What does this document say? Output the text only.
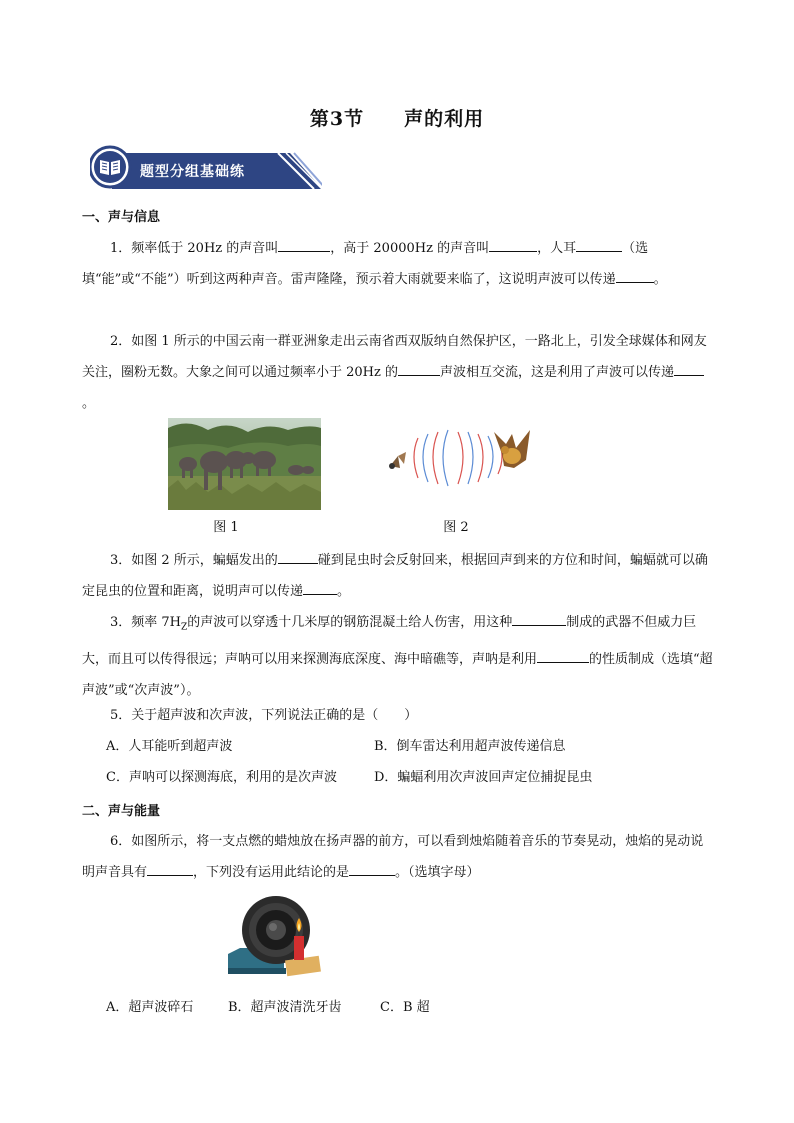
第3节 声的利用
题型分组基础练
一、声与信息
1．频率低于 20Hz 的声音叫	，高于 20000Hz 的声音叫	，人耳	（选填“能”或“不能”）听到这两种声音。雷声隆隆，预示着大雨就要来临了，这说明声波可以传递	。
2．如图 1 所示的中国云南一群亚洲象走出云南省西双版纳自然保护区，一路北上，引发全球媒体和网友关注，圈粉无数。大象之间可以通过频率小于 20Hz 的	声波相互交流，这是利用了声波可以传递。
图 1	图 2
3．如图 2 所示，蝙蝠发出的	碰到昆虫时会反射回来，根据回声到来的方位和时间，蝙蝠就可以确定昆虫的位置和距离，说明声可以传递	。
3．频率 $7H_Z$的声波可以穿透十几米厚的钢筋混凝土给人伤害，用这种	制成的武器不但威力巨大，而且可以传得很远；声呐可以用来探测海底深度、海中暗礁等，声呐是利用	的性质制成（选填“超声波”或“次声波”）。
5．关于超声波和次声波，下列说法正确的是（　　）
A．人耳能听到超声波	B．倒车雷达利用超声波传递信息
C．声呐可以探测海底，利用的是次声波	D．蝙蝠利用次声波回声定位捕捉昆虫
二、声与能量
6．如图所示，将一支点燃的蜡烛放在扬声器的前方，可以看到烛焰随着音乐的节奏晃动，烛焰的晃动说明声音具有	，下列没有运用此结论的是	。（选填字母）
A．超声波碎石	B．超声波清洗牙齿	C．B 超
